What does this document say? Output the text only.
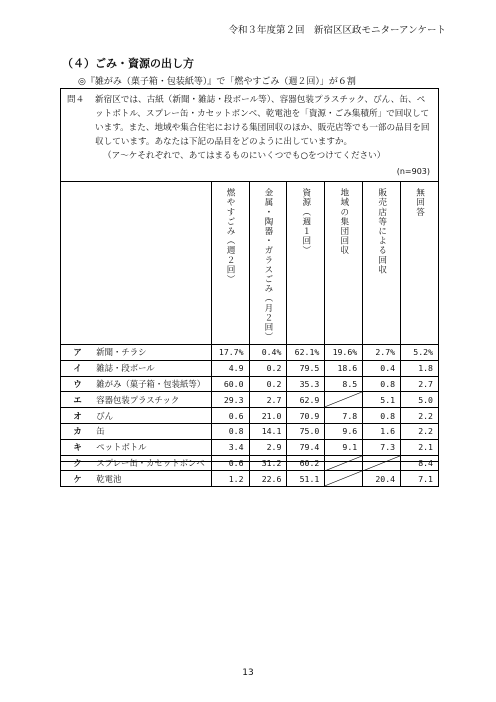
令和３年度第２回　新宿区区政モニターアンケート
（４）ごみ・資源の出し方
◎『雑がみ（菓子箱・包装紙等）』で「燃やすごみ（週２回）」が６割
問４ 新宿区では、古紙（新聞・雑誌・段ボール等）、容器包装プラスチック、びん、缶、ペットボトル、スプレー缶・カセットボンベ、乾電池を「資源・ごみ集積所」で回収しています。また、地域や集合住宅における集団回収のほか、販売店等でも一部の品目を回収しています。あなたは下記の品目をどのように出していますか。

（ア～ケそれぞれで、あてはまるものにいくつでも○をつけてください）

(n=903)

		燃やすごみ（週２回）	金属・陶器・ガラスごみ（月２回）	資源（週１回）	地域の集団回収	販売店等による回収	無回答

ア	新聞・チラシ	17.7%	0.4%	62.1%	19.6%	2.7%	5.2%
イ	雑誌・段ボール	4.9	0.2	79.5	18.6	0.4	1.8
ウ	雑がみ（菓子箱・包装紙等）	60.0	0.2	35.3	8.5	0.8	2.7
エ	容器包装プラスチック	29.3	2.7	62.9		5.1	5.0
オ	びん	0.6	21.0	70.9	7.8	0.8	2.2
カ	缶	0.8	14.1	75.0	9.6	1.6	2.2
キ	ペットボトル	3.4	2.9	79.4	9.1	7.3	2.1
ク	スプレー缶・カセットボンベ	0.6	31.2	60.2			8.4
ケ	乾電池	1.2	22.6	51.1		20.4	7.1
13
